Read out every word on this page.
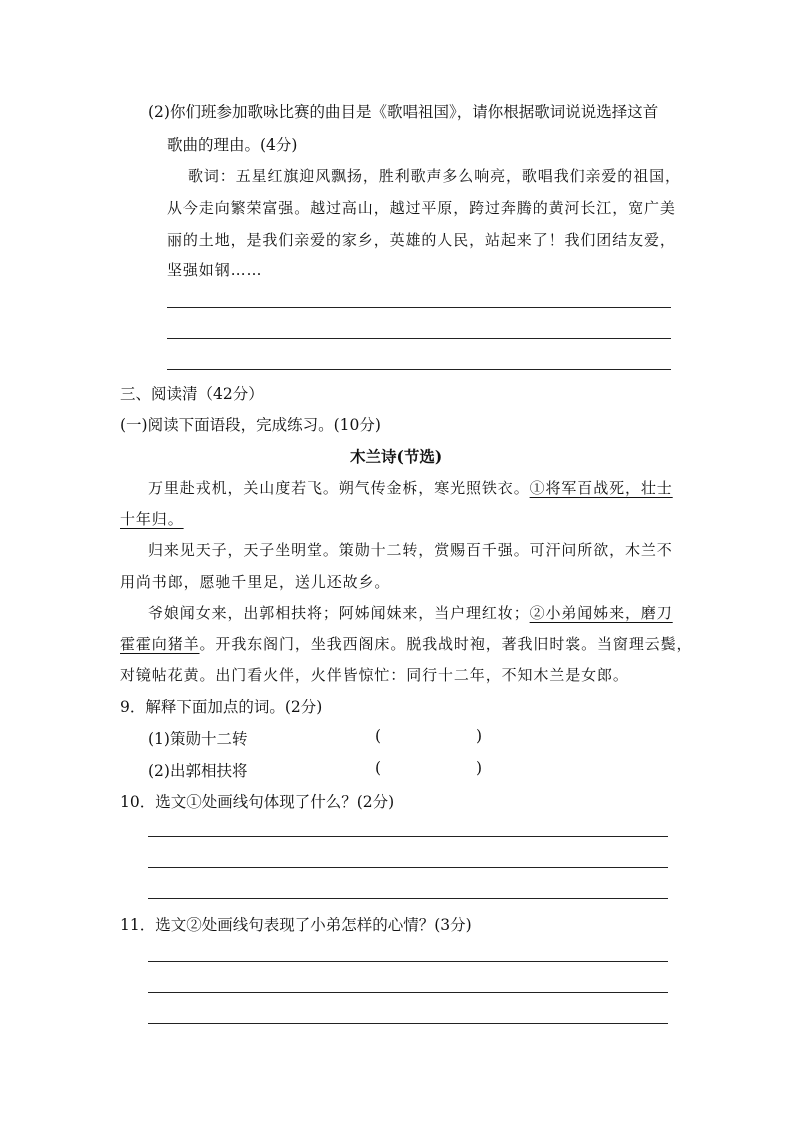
(2)你们班参加歌咏比赛的曲目是《歌唱祖国》，请你根据歌词说说选择这首
歌曲的理由。(4分)
歌词：五星红旗迎风飘扬，胜利歌声多么响亮，歌唱我们亲爱的祖国，
从今走向繁荣富强。越过高山，越过平原，跨过奔腾的黄河长江，宽广美
丽的土地，是我们亲爱的家乡，英雄的人民，站起来了！我们团结友爱，
坚强如钢……
三、阅读清（42分）
(一)阅读下面语段，完成练习。(10分)
木兰诗(节选)
万里赴戎机，关山度若飞。朔气传金柝，寒光照铁衣。①将军百战死，壮士
十年归。
归来见天子，天子坐明堂。策勋十二转，赏赐百千强。可汗问所欲，木兰不
用尚书郎，愿驰千里足，送儿还故乡。
爷娘闻女来，出郭相扶将；阿姊闻妹来，当户理红妆；②小弟闻姊来，磨刀
霍霍向猪羊。开我东阁门，坐我西阁床。脱我战时袍，著我旧时裳。当窗理云鬓，
对镜帖花黄。出门看火伴，火伴皆惊忙：同行十二年，不知木兰是女郎。
9．解释下面加点的词。(2分)
(1)策勋十二转	(	)
(2)出郭相扶将	(	)
10．选文①处画线句体现了什么？(2分)
11．选文②处画线句表现了小弟怎样的心情？(3分)
